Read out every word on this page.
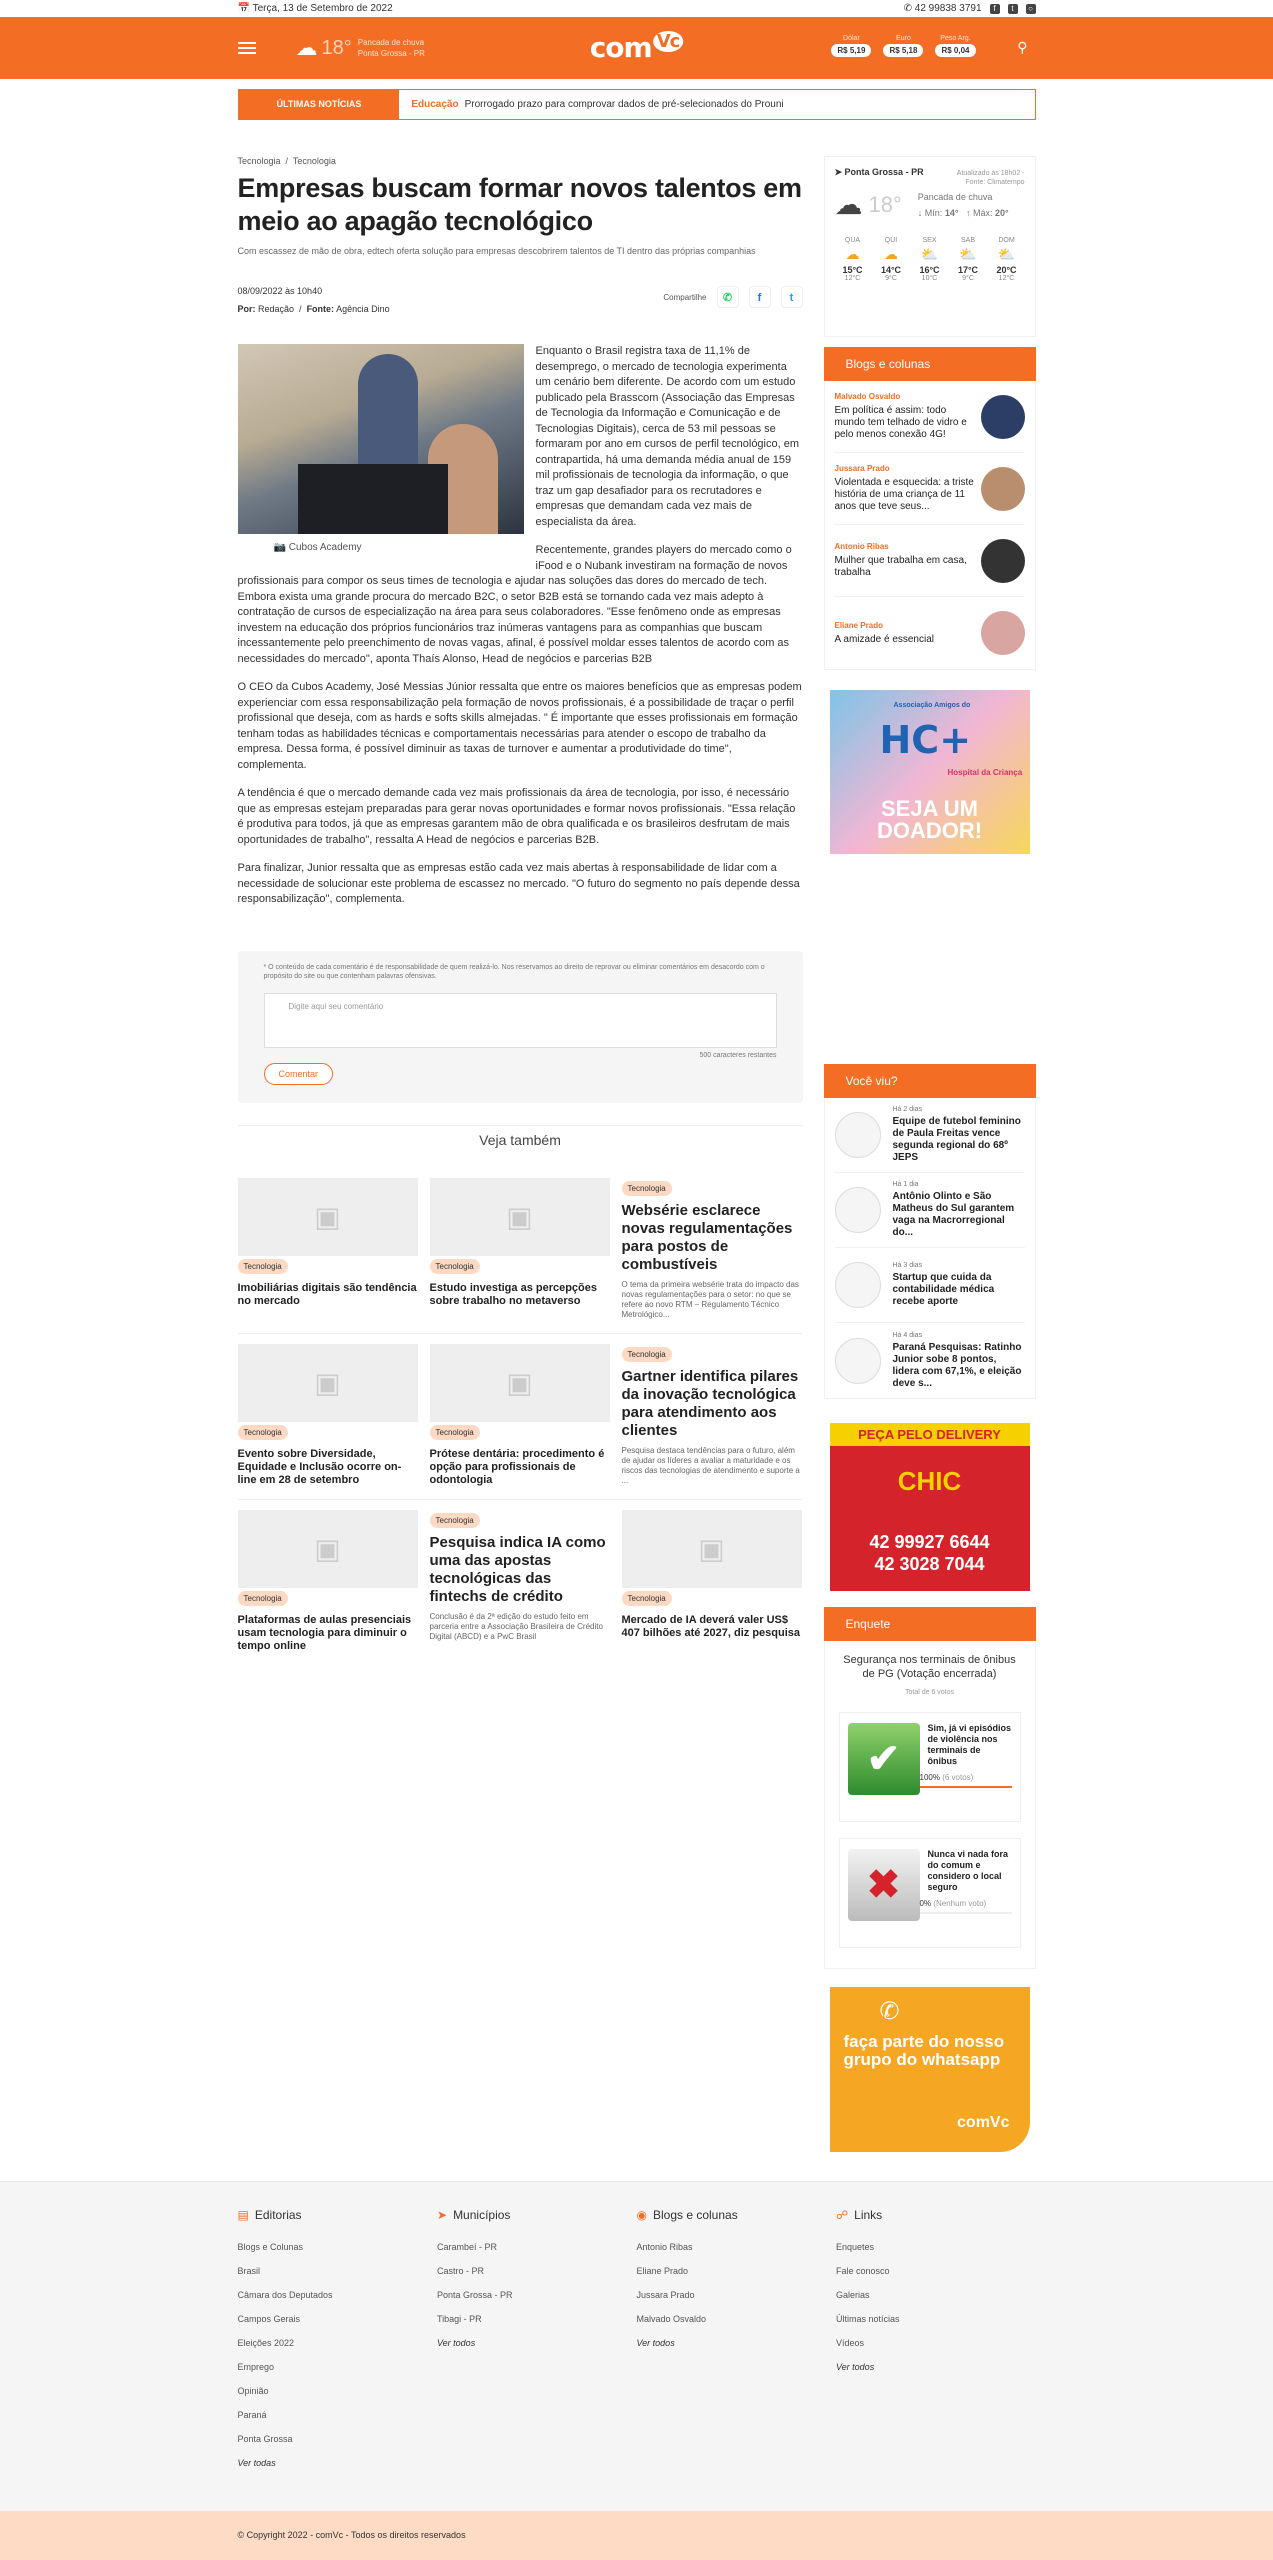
📅 Terça, 13 de Setembro de 2022	✆ 42 99838 3791	f	t	○
☁ 18° Pancada de chuva
Ponta Grossa - PR	com Vc	Dólar
R$ 5,19
Euro
R$ 5,18
Peso Arg.
R$ 0,04	⚲
ÚLTIMAS NOTÍCIAS	Educação Prorrogado prazo para comprovar dados de pré-selecionados do Prouni
Tecnologia  /  Tecnologia
Empresas buscam formar novos talentos em meio ao apagão tecnológico
Com escassez de mão de obra, edtech oferta solução para empresas descobrirem talentos de TI dentro das próprias companhias
08/09/2022 às 10h40
Por: Redação  /  Fonte: Agência Dino
Compartilhe	✆	f	t
📷 Cubos Academy

Enquanto o Brasil registra taxa de 11,1% de desemprego, o mercado de tecnologia experimenta um cenário bem diferente. De acordo com um estudo publicado pela Brasscom (Associação das Empresas de Tecnologia da Informação e Comunicação e de Tecnologias Digitais), cerca de 53 mil pessoas se formaram por ano em cursos de perfil tecnológico, em contrapartida, há uma demanda média anual de 159 mil profissionais de tecnologia da informação, o que traz um gap desafiador para os recrutadores e empresas que demandam cada vez mais de especialista da área.

Recentemente, grandes players do mercado como o iFood e o Nubank investiram na formação de novos profissionais para compor os seus times de tecnologia e ajudar nas soluções das dores do mercado de tech. Embora exista uma grande procura do mercado B2C, o setor B2B está se tornando cada vez mais adepto à contratação de cursos de especialização na área para seus colaboradores. "Esse fenômeno onde as empresas investem na educação dos próprios funcionários traz inúmeras vantagens para as companhias que buscam incessantemente pelo preenchimento de novas vagas, afinal, é possível moldar esses talentos de acordo com as necessidades do mercado", aponta Thaís Alonso, Head de negócios e parcerias B2B

O CEO da Cubos Academy, José Messias Júnior ressalta que entre os maiores benefícios que as empresas podem experienciar com essa responsabilização pela formação de novos profissionais, é a possibilidade de traçar o perfil profissional que deseja, com as hards e softs skills almejadas. " É importante que esses profissionais em formação tenham todas as habilidades técnicas e comportamentais necessárias para atender o escopo de trabalho da empresa. Dessa forma, é possível diminuir as taxas de turnover e aumentar a produtividade do time", complementa.

A tendência é que o mercado demande cada vez mais profissionais da área de tecnologia, por isso, é necessário que as empresas estejam preparadas para gerar novas oportunidades e formar novos profissionais. "Essa relação é produtiva para todos, já que as empresas garantem mão de obra qualificada e os brasileiros desfrutam de mais oportunidades de trabalho", ressalta A Head de negócios e parcerias B2B.

Para finalizar, Junior ressalta que as empresas estão cada vez mais abertas à responsabilidade de lidar com a necessidade de solucionar este problema de escassez no mercado. "O futuro do segmento no país depende dessa responsabilização", complementa.

* O conteúdo de cada comentário é de responsabilidade de quem realizá-lo. Nos reservamos ao direito de reprovar ou eliminar comentários em desacordo com o propósito do site ou que contenham palavras ofensivas.
Digite aqui seu comentário
500 caracteres restantes
Comentar
Veja também
▣
Tecnologia
Imobiliárias digitais são tendência no mercado
▣
Tecnologia
Estudo investiga as percepções sobre trabalho no metaverso
Tecnologia
Websérie esclarece novas regulamentações para postos de combustíveis
O tema da primeira websérie trata do impacto das novas regulamentações para o setor: no que se refere ao novo RTM – Regulamento Técnico Metrológico...
▣
Tecnologia
Evento sobre Diversidade, Equidade e Inclusão ocorre on-line em 28 de setembro
▣
Tecnologia
Prótese dentária: procedimento é opção para profissionais de odontologia
Tecnologia
Gartner identifica pilares da inovação tecnológica para atendimento aos clientes
Pesquisa destaca tendências para o futuro, além de ajudar os líderes a avaliar a maturidade e os riscos das tecnologias de atendimento e suporte a ...
▣
Tecnologia
Plataformas de aulas presenciais usam tecnologia para diminuir o tempo online
Tecnologia
Pesquisa indica IA como uma das apostas tecnológicas das fintechs de crédito
Conclusão é da 2ª edição do estudo feito em parceria entre a Associação Brasileira de Crédito Digital (ABCD) e a PwC Brasil
▣
Tecnologia
Mercado de IA deverá valer US$ 407 bilhões até 2027, diz pesquisa
➤ Ponta Grossa - PR	Atualizado às 18h02 -
Fonte: Climatempo
☁ 18° Pancada de chuva
↓ Mín: 14°   ↑ Máx: 20°
QUA
☁
15°C
12°C
QUI
☁
14°C
9°C
SEX
⛅
16°C
10°C
SAB
⛅
17°C
9°C
DOM
⛅
20°C
12°C
Blogs e colunas
Malvado Osvaldo
Em política é assim: todo mundo tem telhado de vidro e pelo menos conexão 4G!
Jussara Prado
Violentada e esquecida: a triste história de uma criança de 11 anos que teve seus...
Antonio Ribas
Mulher que trabalha em casa, trabalha
Eliane Prado
A amizade é essencial
Associação Amigos do
HC+
Hospital da Criança
SEJA UM DOADOR!
Você viu?
Há 2 dias
Equipe de futebol feminino de Paula Freitas vence segunda regional do 68º JEPS
Há 1 dia
Antônio Olinto e São Matheus do Sul garantem vaga na Macrorregional do...
Há 3 dias
Startup que cuida da contabilidade médica recebe aporte
Há 4 dias
Paraná Pesquisas: Ratinho Junior sobe 8 pontos, lidera com 67,1%, e eleição deve s...
PEÇA PELO DELIVERY
CHIC
42 99927 6644
42 3028 7044
Enquete
Segurança nos terminais de ônibus de PG (Votação encerrada)
Total de 6 votos
✔
Sim, já vi episódios de violência nos terminais de ônibus
100% (6 votos)
✖
Nunca vi nada fora do comum e considero o local seguro
0% (Nenhum voto)
✆
faça parte do nosso grupo do whatsapp
comVc
▤ Editorias
Blogs e Colunas
Brasil
Câmara dos Deputados
Campos Gerais
Eleições 2022
Emprego
Opinião
Paraná
Ponta Grossa
Ver todas
➤ Municípios
Carambeí - PR
Castro - PR
Ponta Grossa - PR
Tibagi - PR
Ver todos
◉ Blogs e colunas
Antonio Ribas
Eliane Prado
Jussara Prado
Malvado Osvaldo
Ver todos
☍ Links
Enquetes
Fale conosco
Galerias
Últimas notícias
Vídeos
Ver todos
© Copyright 2022 - comVc - Todos os direitos reservados
